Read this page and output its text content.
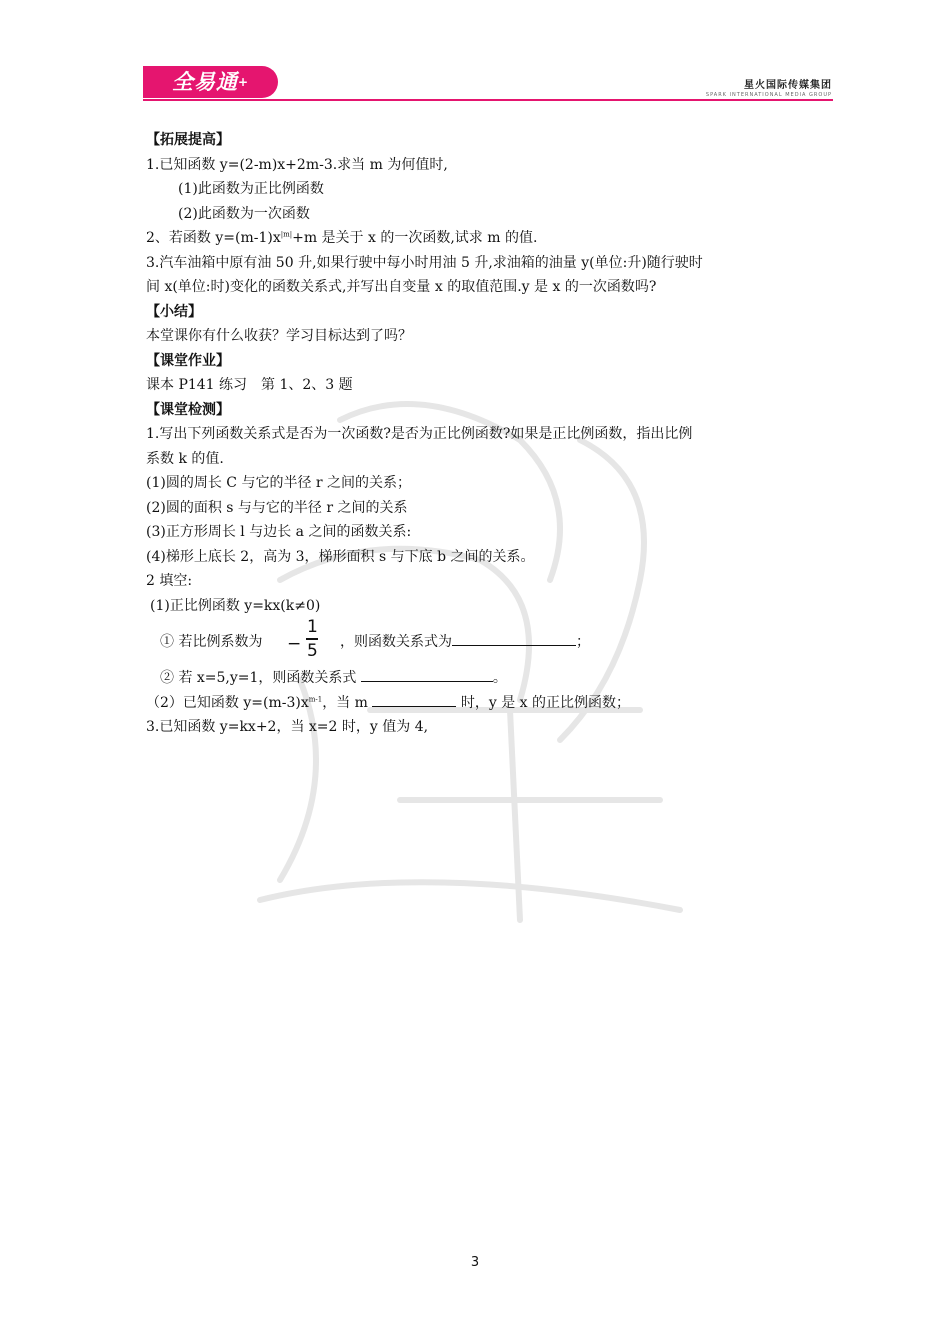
全易通+	星火国际传媒集团
SPARK INTERNATIONAL MEDIA GROUP
【拓展提高】
1.已知函数 y=(2-m)x+2m-3.求当 m 为何值时,
(1)此函数为正比例函数
(2)此函数为一次函数
2、若函数 $y=(m-1)x^{|m|}+m$ 是关于 x 的一次函数,试求 m 的值.
3.汽车油箱中原有油 50 升,如果行驶中每小时用油 5 升,求油箱的油量 y(单位:升)随行驶时
间 x(单位:时)变化的函数关系式,并写出自变量 x 的取值范围.y 是 x 的一次函数吗?
【小结】
本堂课你有什么收获？学习目标达到了吗？
【课堂作业】
课本 P141 练习　第 1、2、3 题
【课堂检测】
1.写出下列函数关系式是否为一次函数?是否为正比例函数?如果是正比例函数，指出比例
系数 k 的值.
(1)圆的周长 C 与它的半径 r 之间的关系；
(2)圆的面积 s 与与它的半径 r 之间的关系
(3)正方形周长 l 与边长 a 之间的函数关系:
(4)梯形上底长 2，高为 3，梯形面积 s 与下底 b 之间的关系。
2 填空:
(1)正比例函数 y=kx(k≠0)
① 若比例系数为 −
1
5 ，则函数关系式为	；
② 若 x=5,y=1，则函数关系式	。
（2）已知函数 $y=(m-3)x^{m-1}$，当 m	时，y 是 x 的正比例函数；
3.已知函数 y=kx+2，当 x=2 时，y 值为 4,
3
